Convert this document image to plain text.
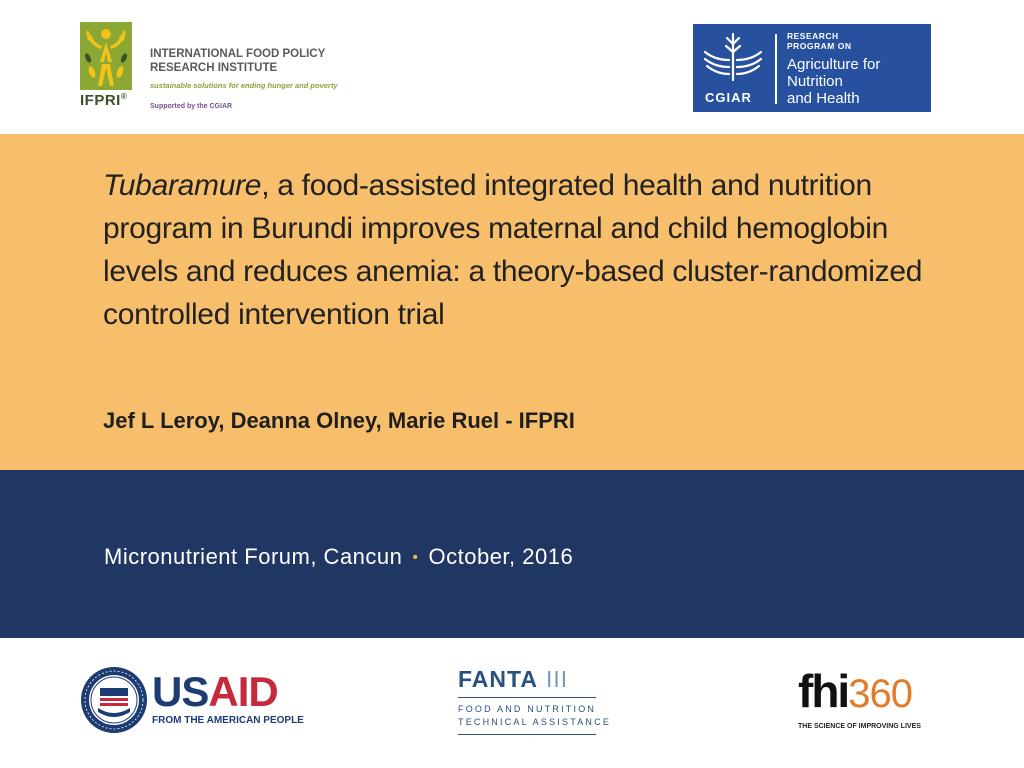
IFPRI®
INTERNATIONAL FOOD POLICY
RESEARCH INSTITUTE
sustainable solutions for ending hunger and poverty
Supported by the CGIAR
CGIAR
RESEARCH
PROGRAM ON
Agriculture for
Nutrition
and Health
Tubaramure, a food-assisted integrated health and nutrition program in Burundi improves maternal and child hemoglobin levels and reduces anemia: a theory-based cluster-randomized controlled intervention trial
Jef L Leroy, Deanna Olney, Marie Ruel - IFPRI
Micronutrient Forum, Cancun • October, 2016
USAID
FROM THE AMERICAN PEOPLE
FANTA III
FOOD AND NUTRITION
TECHNICAL ASSISTANCE
fhi360
THE SCIENCE OF IMPROVING LIVES
